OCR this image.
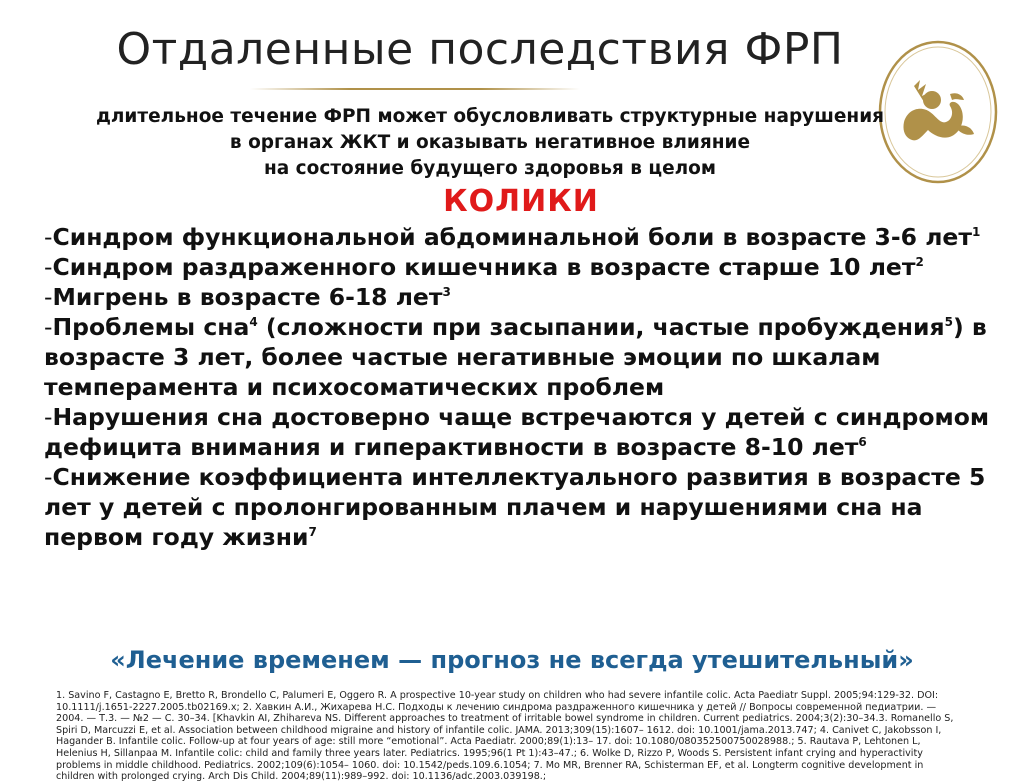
Отдаленные последствия ФРП
длительное течение ФРП может обусловливать структурные нарушения
в органах ЖКТ и оказывать негативное влияние
на состояние будущего здоровья в целом
КОЛИКИ
-Синдром функциональной абдоминальной боли в возрасте 3-6 лет$^1$
-Синдром раздраженного кишечника в возрасте старше 10 лет$^2$
-Мигрень в возрасте 6-18 лет$^3$
-Проблемы сна$^4$ (сложности при засыпании, частые пробуждения$^5$) в возрасте 3 лет, более частые негативные эмоции по шкалам темперамента и психосоматических проблем
-Нарушения сна достоверно чаще встречаются у детей с синдромом дефицита внимания и гиперактивности в возрасте 8-10 лет$^6$
-Снижение коэффициента интеллектуального развития в возрасте 5 лет у детей с пролонгированным плачем и нарушениями сна на первом году жизни$^7$
«Лечение временем — прогноз не всегда утешительный»
1. Savino F, Castagno E, Bretto R, Brondello C, Palumeri E, Oggero R. A prospective 10-year study on children who had severe infantile colic. Acta Paediatr Suppl. 2005;94:129-32. DOI: 10.1111/j.1651-2227.2005.tb02169.x; 2. Хавкин А.И., Жихарева Н.С. Подходы к лечению синдрома раздраженного кишечника у детей // Вопросы современной педиатрии. — 2004. — Т.3. — №2 — С. 30–34. [Khavkin AI, Zhihareva NS. Different approaches to treatment of irritable bowel syndrome in children. Current pediatrics. 2004;3(2):30–34.3. Romanello S, Spiri D, Marcuzzi E, et al. Association between childhood migraine and history of infantile colic. JAMA. 2013;309(15):1607– 1612. doi: 10.1001/jama.2013.747; 4. Canivet C, Jakobsson I, Hagander B. Infantile colic. Follow-up at four years of age: still more “emotional”. Acta Paediatr. 2000;89(1):13– 17. doi: 10.1080/080352500750028988.; 5. Rautava P, Lehtonen L, Helenius H, Sillanpaa M. Infantile colic: child and family three years later. Pediatrics. 1995;96(1 Pt 1):43–47.; 6. Wolke D, Rizzo P, Woods S. Persistent infant crying and hyperactivity problems in middle childhood. Pediatrics. 2002;109(6):1054– 1060. doi: 10.1542/peds.109.6.1054; 7. Mo MR, Brenner RA, Schisterman EF, et al. Longterm cognitive development in children with prolonged crying. Arch Dis Child. 2004;89(11):989–992. doi: 10.1136/adc.2003.039198.;
